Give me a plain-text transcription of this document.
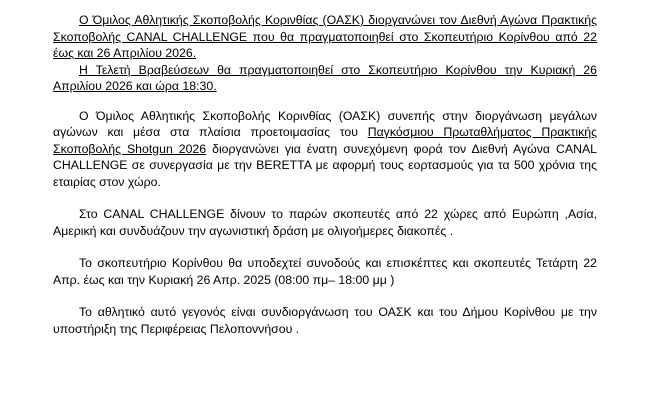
Ο Όμιλος Αθλητικής Σκοποβολής Κορινθίας (ΟΑΣΚ) διοργανώνει τον Διεθνή Αγώνα Πρακτικής Σκοποβολής CANAL CHALLENGE που θα πραγματοποιηθεί στο Σκοπευτήριο Κορίνθου από 22 έως και 26 Απριλίου 2026.

Η Τελετή Βραβεύσεων θα πραγματοποιηθεί στο Σκοπευτήριο Κορίνθου την Κυριακή 26 Απριλίου 2026 και ώρα 18:30.

Ο Όμιλος Αθλητικής Σκοποβολής Κορινθίας (ΟΑΣΚ) συνεπής στην διοργάνωση μεγάλων αγώνων και μέσα στα πλαίσια προετοιμασίας του Παγκόσμιου Πρωταθλήματος Πρακτικής Σκοποβολής Shotgun 2026 διοργανώνει για ένατη συνεχόμενη φορά τον Διεθνή Αγώνα CANAL CHALLENGE σε συνεργασία με την BERETTA με αφορμή τους εορτασμούς για τα 500 χρόνια της εταιρίας στον χώρο.

Στο CANAL CHALLENGE δίνουν το παρών σκοπευτές από 22 χώρες από Ευρώπη ,Ασία, Αμερική και συνδυάζουν την αγωνιστική δράση με ολιγοήμερες διακοπές .

Το σκοπευτήριο Κορίνθου θα υποδεχτεί συνοδούς και επισκέπτες και σκοπευτές Τετάρτη 22 Απρ. έως και την Κυριακή 26 Απρ. 2025 (08:00 πμ– 18:00 μμ )

Το αθλητικό αυτό γεγονός είναι συνδιοργάνωση του ΟΑΣΚ και του Δήμου Κορίνθου με την υποστήριξη της Περιφέρειας Πελοποννήσου .
